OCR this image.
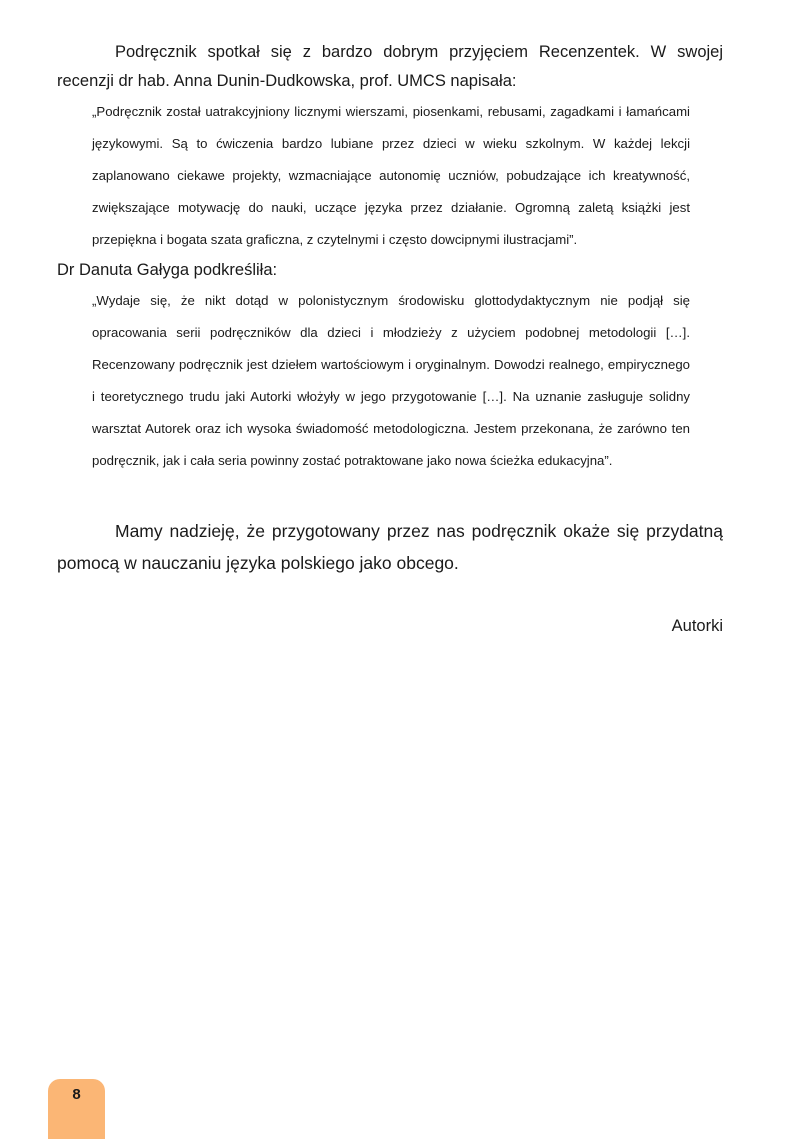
Podręcznik spotkał się z bardzo dobrym przyjęciem Recenzentek. W swojej recenzji dr hab. Anna Dunin-Dudkowska, prof. UMCS napisała:

„Podręcznik został uatrakcyjniony licznymi wierszami, piosenkami, rebusami, zagadkami i łamańcami językowymi. Są to ćwiczenia bardzo lubiane przez dzieci w wieku szkolnym. W każdej lekcji zaplanowano ciekawe projekty, wzmacniające autonomię uczniów, pobudzające ich kreatywność, zwiększające motywację do nauki, uczące języka przez działanie. Ogromną zaletą książki jest przepiękna i bogata szata graficzna, z czytelnymi i często dowcipnymi ilustracjami”.

Dr Danuta Gałyga podkreśliła:

„Wydaje się, że nikt dotąd w polonistycznym środowisku glottodydaktycznym nie podjął się opracowania serii podręczników dla dzieci i młodzieży z użyciem podobnej metodologii […]. Recenzowany podręcznik jest dziełem wartościowym i oryginalnym. Dowodzi realnego, empirycznego i teoretycznego trudu jaki Autorki włożyły w jego przygotowanie […]. Na uznanie zasługuje solidny warsztat Autorek oraz ich wysoka świadomość metodologiczna. Jestem przekonana, że zarówno ten podręcznik, jak i cała seria powinny zostać potraktowane jako nowa ścieżka edukacyjna”.

Mamy nadzieję, że przygotowany przez nas podręcznik okaże się przydatną pomocą w nauczaniu języka polskiego jako obcego.

Autorki

8
